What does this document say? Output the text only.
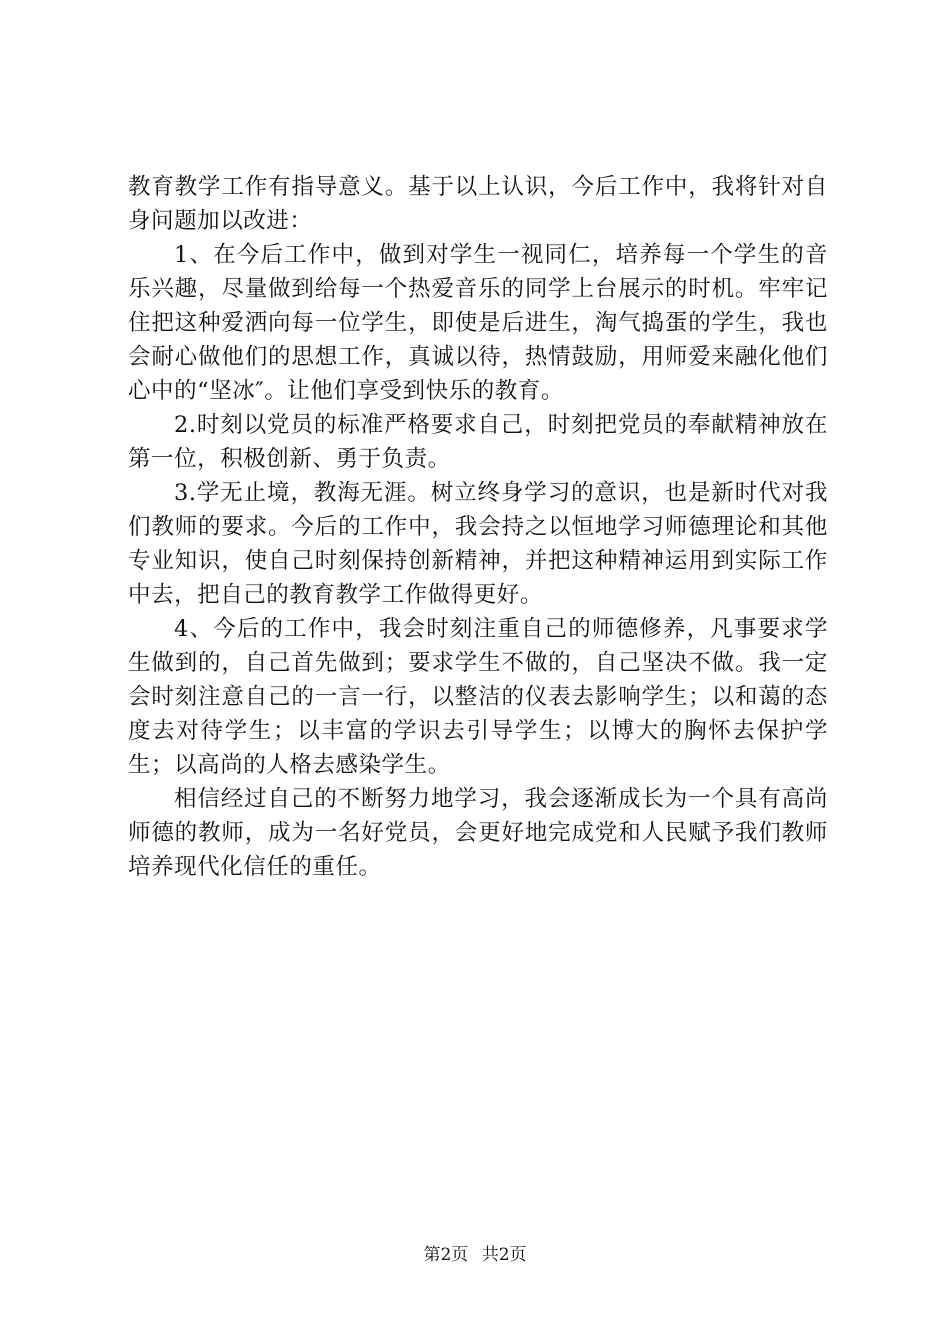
教育教学工作有指导意义。基于以上认识，今后工作中，我将针对自身问题加以改进：

1、在今后工作中，做到对学生一视同仁，培养每一个学生的音乐兴趣，尽量做到给每一个热爱音乐的同学上台展示的时机。牢牢记住把这种爱洒向每一位学生，即使是后进生，淘气捣蛋的学生，我也会耐心做他们的思想工作，真诚以待，热情鼓励，用师爱来融化他们心中的“坚冰″。让他们享受到快乐的教育。

2.时刻以党员的标准严格要求自己，时刻把党员的奉献精神放在第一位，积极创新、勇于负责。

3.学无止境，教海无涯。树立终身学习的意识，也是新时代对我们教师的要求。今后的工作中，我会持之以恒地学习师德理论和其他专业知识，使自己时刻保持创新精神，并把这种精神运用到实际工作中去，把自己的教育教学工作做得更好。

4、今后的工作中，我会时刻注重自己的师德修养，凡事要求学生做到的，自己首先做到；要求学生不做的，自己坚决不做。我一定会时刻注意自己的一言一行，以整洁的仪表去影响学生；以和蔼的态度去对待学生；以丰富的学识去引导学生；以博大的胸怀去保护学生；以高尚的人格去感染学生。

相信经过自己的不断努力地学习，我会逐渐成长为一个具有高尚师德的教师，成为一名好党员，会更好地完成党和人民赋予我们教师培养现代化信任的重任。

第2页 共2页
